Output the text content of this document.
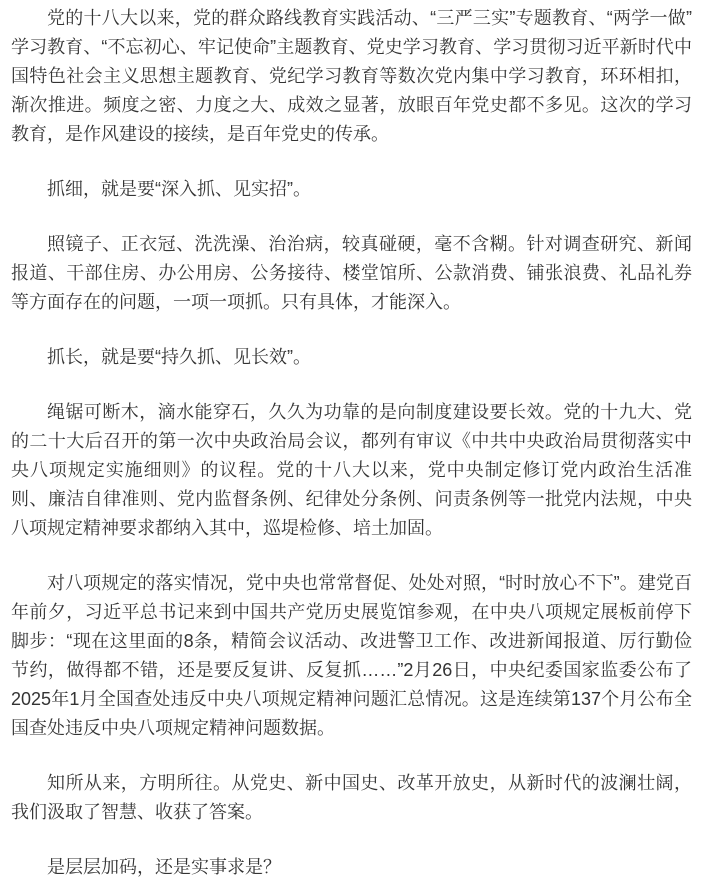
党的十八大以来，党的群众路线教育实践活动、“三严三实”专题教育、“两学一做”学习教育、“不忘初心、牢记使命”主题教育、党史学习教育、学习贯彻习近平新时代中国特色社会主义思想主题教育、党纪学习教育等数次党内集中学习教育，环环相扣，渐次推进。频度之密、力度之大、成效之显著，放眼百年党史都不多见。这次的学习教育，是作风建设的接续，是百年党史的传承。

抓细，就是要“深入抓、见实招”。

照镜子、正衣冠、洗洗澡、治治病，较真碰硬，毫不含糊。针对调查研究、新闻报道、干部住房、办公用房、公务接待、楼堂馆所、公款消费、铺张浪费、礼品礼券等方面存在的问题，一项一项抓。只有具体，才能深入。

抓长，就是要“持久抓、见长效”。

绳锯可断木，滴水能穿石，久久为功靠的是向制度建设要长效。党的十九大、党的二十大后召开的第一次中央政治局会议，都列有审议《中共中央政治局贯彻落实中央八项规定实施细则》的议程。党的十八大以来，党中央制定修订党内政治生活准则、廉洁自律准则、党内监督条例、纪律处分条例、问责条例等一批党内法规，中央八项规定精神要求都纳入其中，巡堤检修、培土加固。

对八项规定的落实情况，党中央也常常督促、处处对照，“时时放心不下”。建党百年前夕，习近平总书记来到中国共产党历史展览馆参观，在中央八项规定展板前停下脚步：“现在这里面的8条，精简会议活动、改进警卫工作、改进新闻报道、厉行勤俭节约，做得都不错，还是要反复讲、反复抓……”2月26日，中央纪委国家监委公布了2025年1月全国查处违反中央八项规定精神问题汇总情况。这是连续第137个月公布全国查处违反中央八项规定精神问题数据。

知所从来，方明所往。从党史、新中国史、改革开放史，从新时代的波澜壮阔，我们汲取了智慧、收获了答案。

是层层加码，还是实事求是？
